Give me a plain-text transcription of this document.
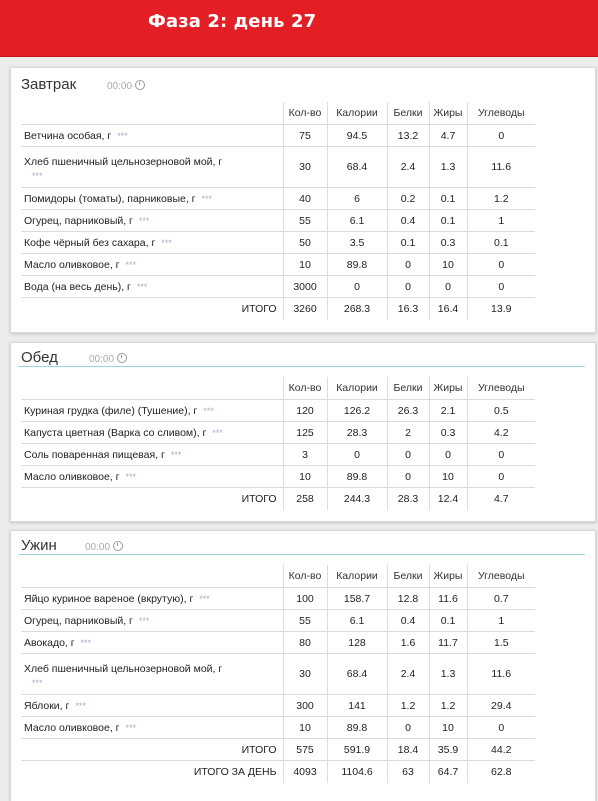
Фаза 2: день 27
Завтрак	00:00
	Кол-во	Калории	Белки	Жиры	Углеводы
Ветчина особая, г ***	75	94.5	13.2	4.7	0
Хлеб пшеничный цельнозерновой мой, г
***	30	68.4	2.4	1.3	11.6
Помидоры (томаты), парниковые, г ***	40	6	0.2	0.1	1.2
Огурец, парниковый, г ***	55	6.1	0.4	0.1	1
Кофе чёрный без сахара, г ***	50	3.5	0.1	0.3	0.1
Масло оливковое, г ***	10	89.8	0	10	0
Вода (на весь день), г ***	3000	0	0	0	0
ИТОГО	3260	268.3	16.3	16.4	13.9
Обед	00:00
	Кол-во	Калории	Белки	Жиры	Углеводы
Куриная грудка (филе) (Тушение), г ***	120	126.2	26.3	2.1	0.5
Капуста цветная (Варка со сливом), г ***	125	28.3	2	0.3	4.2
Соль поваренная пищевая, г ***	3	0	0	0	0
Масло оливковое, г ***	10	89.8	0	10	0
ИТОГО	258	244.3	28.3	12.4	4.7
Ужин	00:00
	Кол-во	Калории	Белки	Жиры	Углеводы
Яйцо куриное вареное (вкрутую), г ***	100	158.7	12.8	11.6	0.7
Огурец, парниковый, г ***	55	6.1	0.4	0.1	1
Авокадо, г ***	80	128	1.6	11.7	1.5
Хлеб пшеничный цельнозерновой мой, г
***	30	68.4	2.4	1.3	11.6
Яблоки, г ***	300	141	1.2	1.2	29.4
Масло оливковое, г ***	10	89.8	0	10	0
ИТОГО	575	591.9	18.4	35.9	44.2
ИТОГО ЗА ДЕНЬ	4093	1104.6	63	64.7	62.8
